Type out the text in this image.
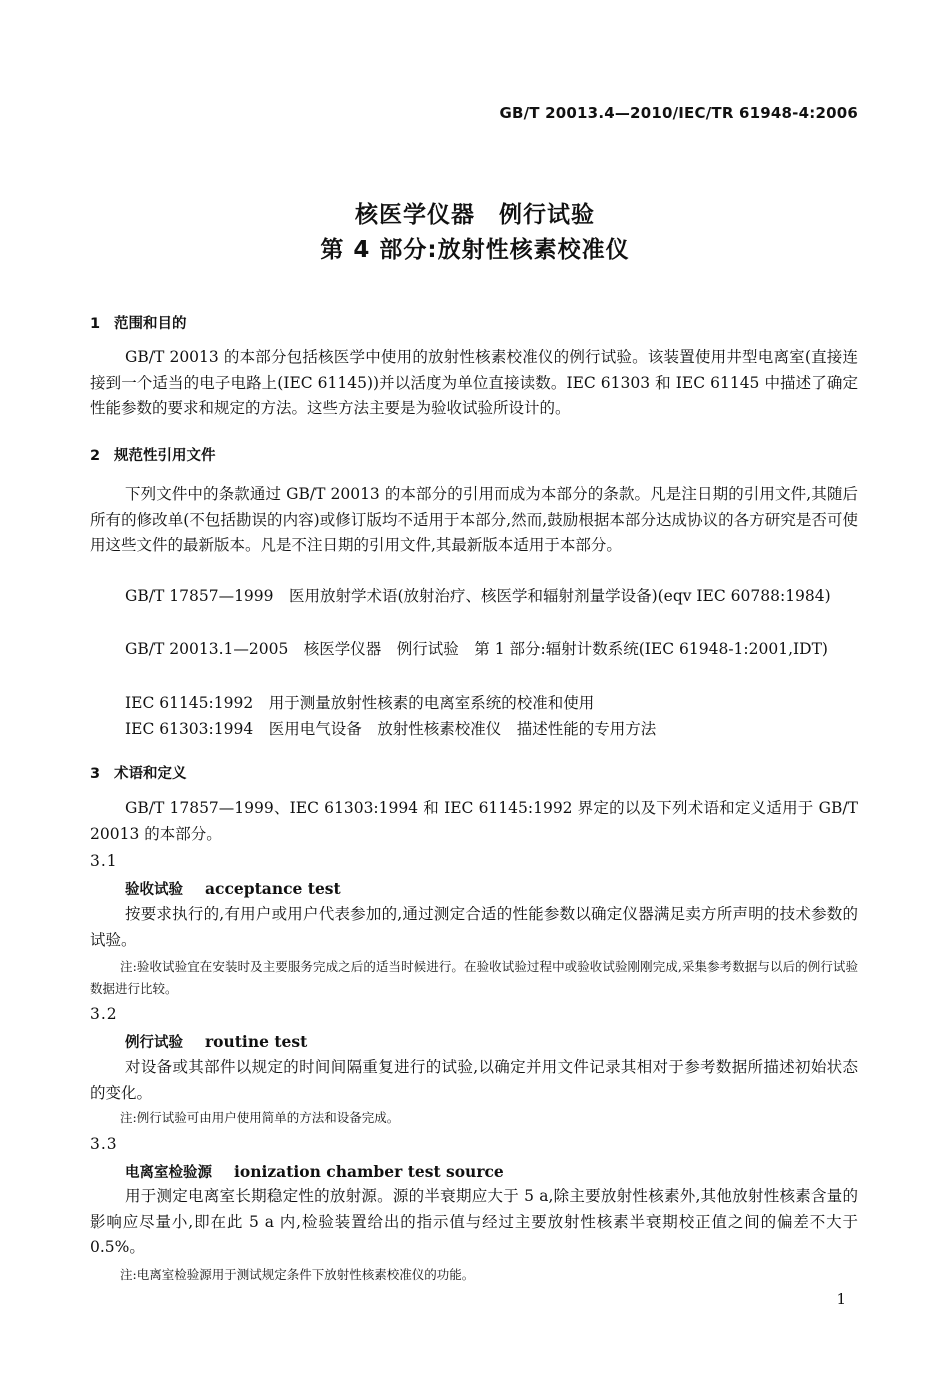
GB/T 20013.4—2010/IEC/TR 61948-4:2006
核医学仪器　例行试验
第 4 部分:放射性核素校准仪
1 范围和目的
GB/T 20013 的本部分包括核医学中使用的放射性核素校准仪的例行试验。该装置使用井型电离室(直接连接到一个适当的电子电路上(IEC 61145))并以活度为单位直接读数。IEC 61303 和 IEC 61145 中描述了确定性能参数的要求和规定的方法。这些方法主要是为验收试验所设计的。
2 规范性引用文件
下列文件中的条款通过 GB/T 20013 的本部分的引用而成为本部分的条款。凡是注日期的引用文件,其随后所有的修改单(不包括勘误的内容)或修订版均不适用于本部分,然而,鼓励根据本部分达成协议的各方研究是否可使用这些文件的最新版本。凡是不注日期的引用文件,其最新版本适用于本部分。
GB/T 17857—1999　医用放射学术语(放射治疗、核医学和辐射剂量学设备)(eqv IEC 60788:1984)
GB/T 20013.1—2005　核医学仪器　例行试验　第 1 部分:辐射计数系统(IEC 61948-1:2001,IDT)
IEC 61145:1992　用于测量放射性核素的电离室系统的校准和使用
IEC 61303:1994　医用电气设备　放射性核素校准仪　描述性能的专用方法
3 术语和定义
GB/T 17857—1999、IEC 61303:1994 和 IEC 61145:1992 界定的以及下列术语和定义适用于 GB/T 20013 的本部分。
3.1
验收试验 acceptance test
按要求执行的,有用户或用户代表参加的,通过测定合适的性能参数以确定仪器满足卖方所声明的技术参数的试验。
注:验收试验宜在安装时及主要服务完成之后的适当时候进行。在验收试验过程中或验收试验刚刚完成,采集参考数据与以后的例行试验数据进行比较。
3.2
例行试验 routine test
对设备或其部件以规定的时间间隔重复进行的试验,以确定并用文件记录其相对于参考数据所描述初始状态的变化。
注:例行试验可由用户使用简单的方法和设备完成。
3.3
电离室检验源 ionization chamber test source
用于测定电离室长期稳定性的放射源。源的半衰期应大于 5 a,除主要放射性核素外,其他放射性核素含量的影响应尽量小,即在此 5 a 内,检验装置给出的指示值与经过主要放射性核素半衰期校正值之间的偏差不大于 0.5%。
注:电离室检验源用于测试规定条件下放射性核素校准仪的功能。
1
